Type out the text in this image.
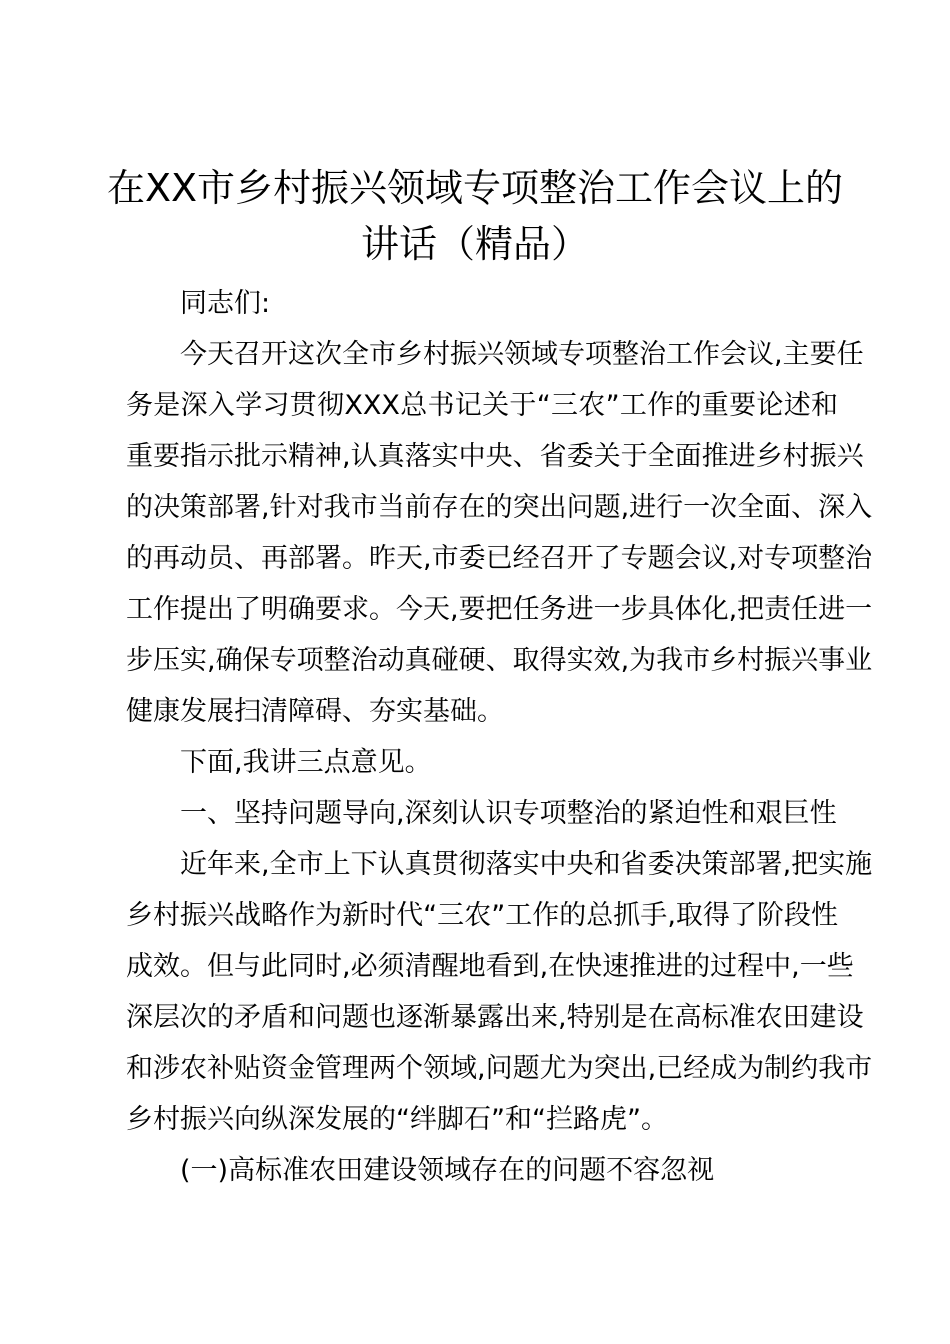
在XX市乡村振兴领域专项整治工作会议上的
讲话（精品）
同志们:
今天召开这次全市乡村振兴领域专项整治工作会议,主要任
务是深入学习贯彻XXX总书记关于“三农”工作的重要论述和
重要指示批示精神,认真落实中央、省委关于全面推进乡村振兴
的决策部署,针对我市当前存在的突出问题,进行一次全面、深入
的再动员、再部署。昨天,市委已经召开了专题会议,对专项整治
工作提出了明确要求。今天,要把任务进一步具体化,把责任进一
步压实,确保专项整治动真碰硬、取得实效,为我市乡村振兴事业
健康发展扫清障碍、夯实基础。
下面,我讲三点意见。
一、坚持问题导向,深刻认识专项整治的紧迫性和艰巨性
近年来,全市上下认真贯彻落实中央和省委决策部署,把实施
乡村振兴战略作为新时代“三农”工作的总抓手,取得了阶段性
成效。但与此同时,必须清醒地看到,在快速推进的过程中,一些
深层次的矛盾和问题也逐渐暴露出来,特别是在高标准农田建设
和涉农补贴资金管理两个领域,问题尤为突出,已经成为制约我市
乡村振兴向纵深发展的“绊脚石”和“拦路虎”。
(一)高标准农田建设领域存在的问题不容忽视
